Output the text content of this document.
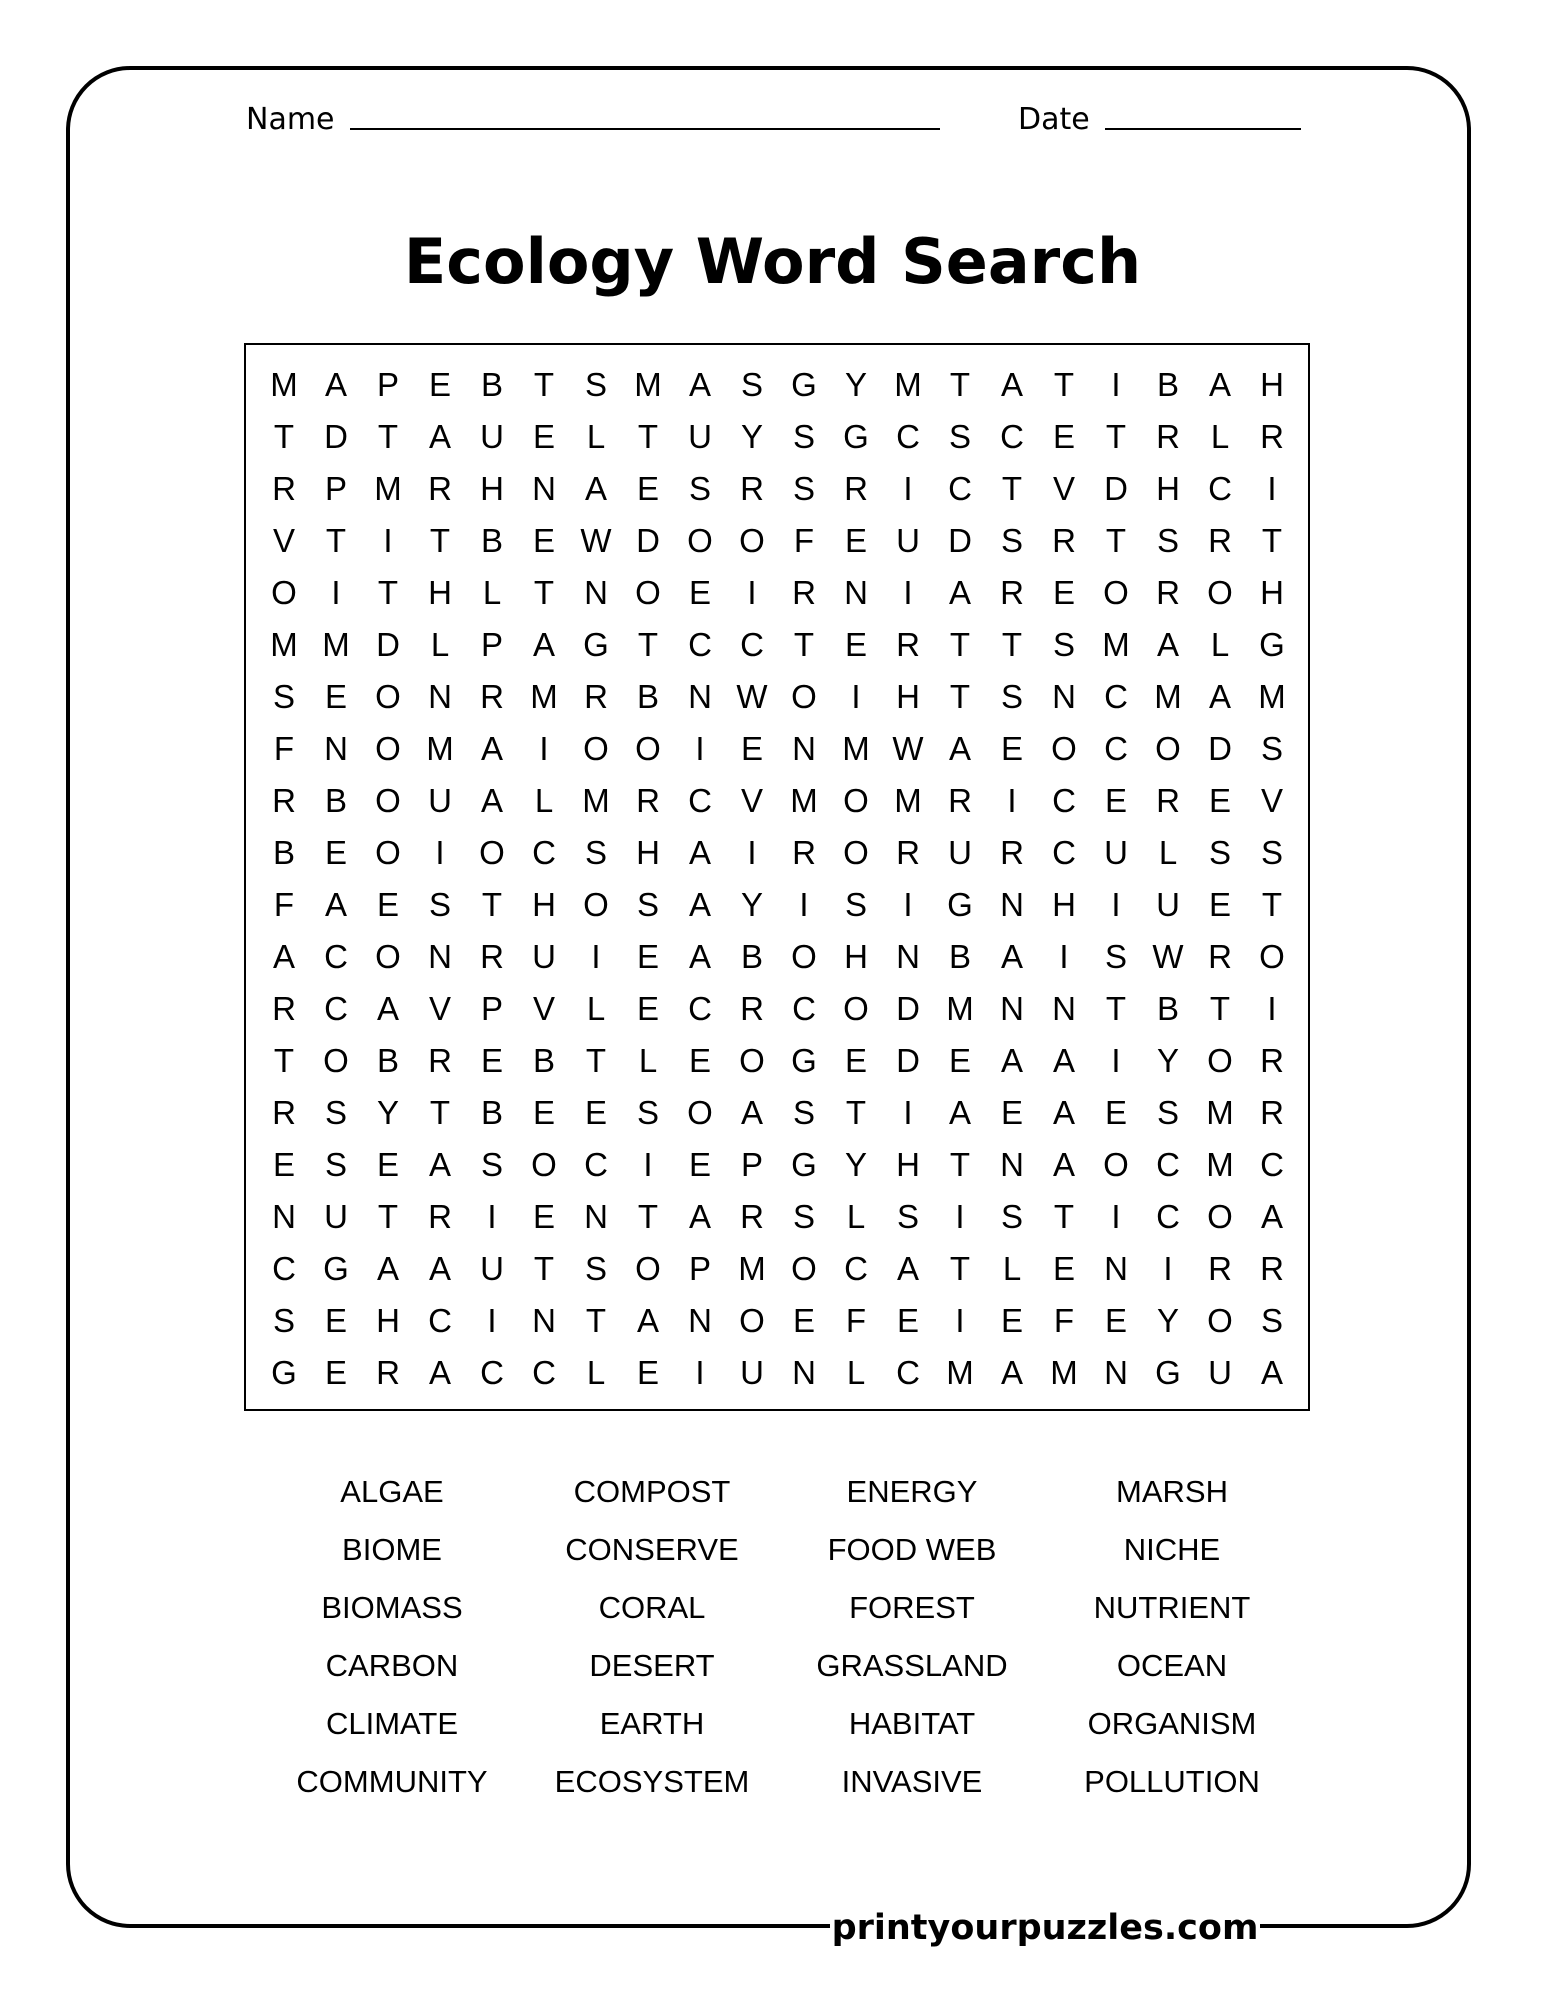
printyourpuzzles.com
Name	Date
Ecology Word Search
M A P E B T S M A S G Y M T A T	I	B A H
T D T A U E L T U Y S G C S C E T R L R
R P M R H N A E S R S R	I	C T V D H C	I
V T	I	T B E W D O O F E U D S R T S R T
O	I	T H L T N O E	I	R N	I	A R E O R O H
M M D L P A G T C C T E R T T S M A L G
S E O N R M R B N W O	I	H T S N C M A M
F N O M A	I	O O	I	E N M W A E O C O D S
R B O U A L M R C V M O M R	I	C E R E V
B E O	I	O C S H A	I	R O R U R C U L S S
F A E S T H O S A Y	I	S	I	G N H	I	U E T
A C O N R U	I	E A B O H N B A	I	S W R O
R C A V P V L E C R C O D M N N T B T	I
T O B R E B T L E O G E D E A A	I	Y O R
R S Y T B E E S O A S T	I	A E A E S M R
E S E A S O C	I	E P G Y H T N A O C M C
N U T R	I	E N T A R S L S	I	S T	I	C O A
C G A A U T S O P M O C A T L E N	I	R R
S E H C	I	N T A N O E F E	I	E F E Y O S
G E R A C C L E	I	U N L C M A M N G U A
ALGAE	COMPOST	ENERGY	MARSH
BIOME	CONSERVE	FOOD WEB	NICHE
BIOMASS	CORAL	FOREST	NUTRIENT
CARBON	DESERT	GRASSLAND	OCEAN
CLIMATE	EARTH	HABITAT	ORGANISM
COMMUNITY	ECOSYSTEM	INVASIVE	POLLUTION
